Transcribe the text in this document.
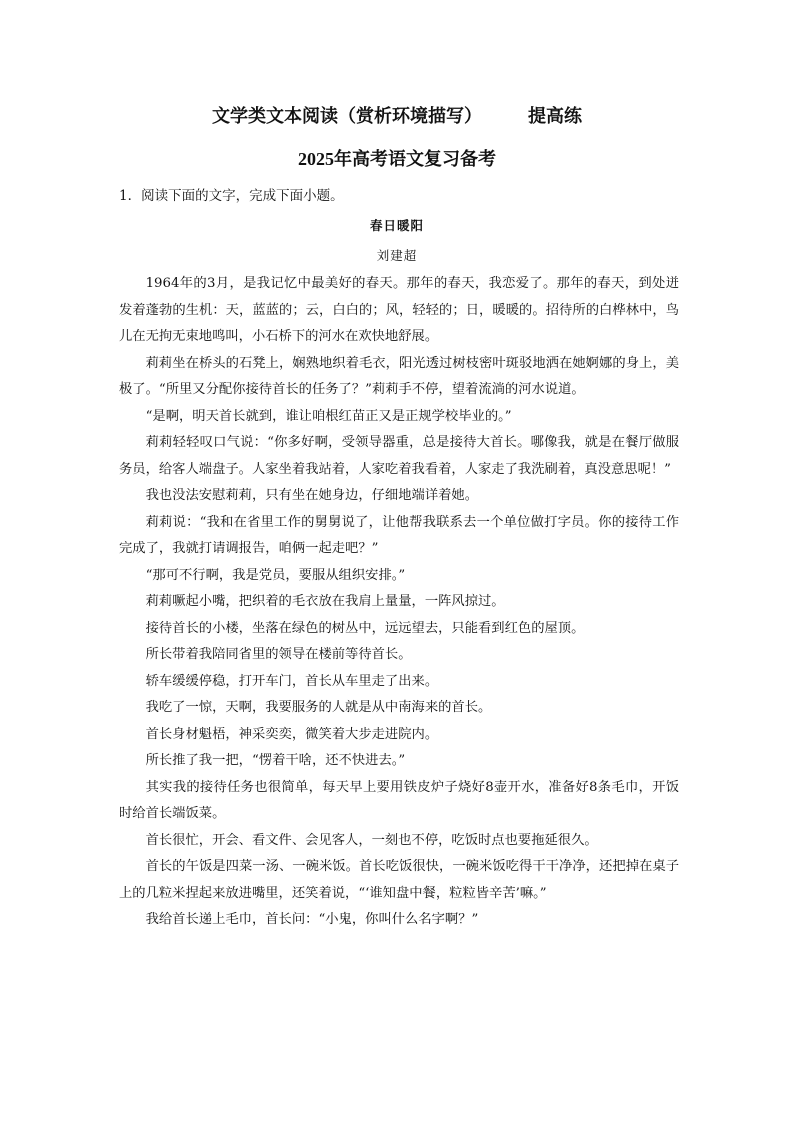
文学类文本阅读（赏析环境描写）	提高练
2025年高考语文复习备考
1．阅读下面的文字，完成下面小题。
春日暖阳
刘建超

1964年的3月，是我记忆中最美好的春天。那年的春天，我恋爱了。那年的春天，到处迸发着蓬勃的生机：天，蓝蓝的；云，白白的；风，轻轻的；日，暖暖的。招待所的白桦林中，鸟儿在无拘无束地鸣叫，小石桥下的河水在欢快地舒展。

莉莉坐在桥头的石凳上，娴熟地织着毛衣，阳光透过树枝密叶斑驳地洒在她婀娜的身上，美极了。“所里又分配你接待首长的任务了？”莉莉手不停，望着流淌的河水说道。

“是啊，明天首长就到，谁让咱根红苗正又是正规学校毕业的。”

莉莉轻轻叹口气说：“你多好啊，受领导器重，总是接待大首长。哪像我，就是在餐厅做服务员，给客人端盘子。人家坐着我站着，人家吃着我看着，人家走了我洗刷着，真没意思呢！”

我也没法安慰莉莉，只有坐在她身边，仔细地端详着她。

莉莉说：“我和在省里工作的舅舅说了，让他帮我联系去一个单位做打字员。你的接待工作完成了，我就打请调报告，咱俩一起走吧？”

“那可不行啊，我是党员，要服从组织安排。”

莉莉噘起小嘴，把织着的毛衣放在我肩上量量，一阵风掠过。

接待首长的小楼，坐落在绿色的树丛中，远远望去，只能看到红色的屋顶。

所长带着我陪同省里的领导在楼前等待首长。

轿车缓缓停稳，打开车门，首长从车里走了出来。

我吃了一惊，天啊，我要服务的人就是从中南海来的首长。

首长身材魁梧，神采奕奕，微笑着大步走进院内。

所长推了我一把，“愣着干啥，还不快进去。”

其实我的接待任务也很简单，每天早上要用铁皮炉子烧好8壶开水，准备好8条毛巾，开饭时给首长端饭菜。

首长很忙，开会、看文件、会见客人，一刻也不停，吃饭时点也要拖延很久。

首长的午饭是四菜一汤、一碗米饭。首长吃饭很快，一碗米饭吃得干干净净，还把掉在桌子上的几粒米捏起来放进嘴里，还笑着说，“‘谁知盘中餐，粒粒皆辛苦’嘛。”

我给首长递上毛巾，首长问：“小鬼，你叫什么名字啊？”
